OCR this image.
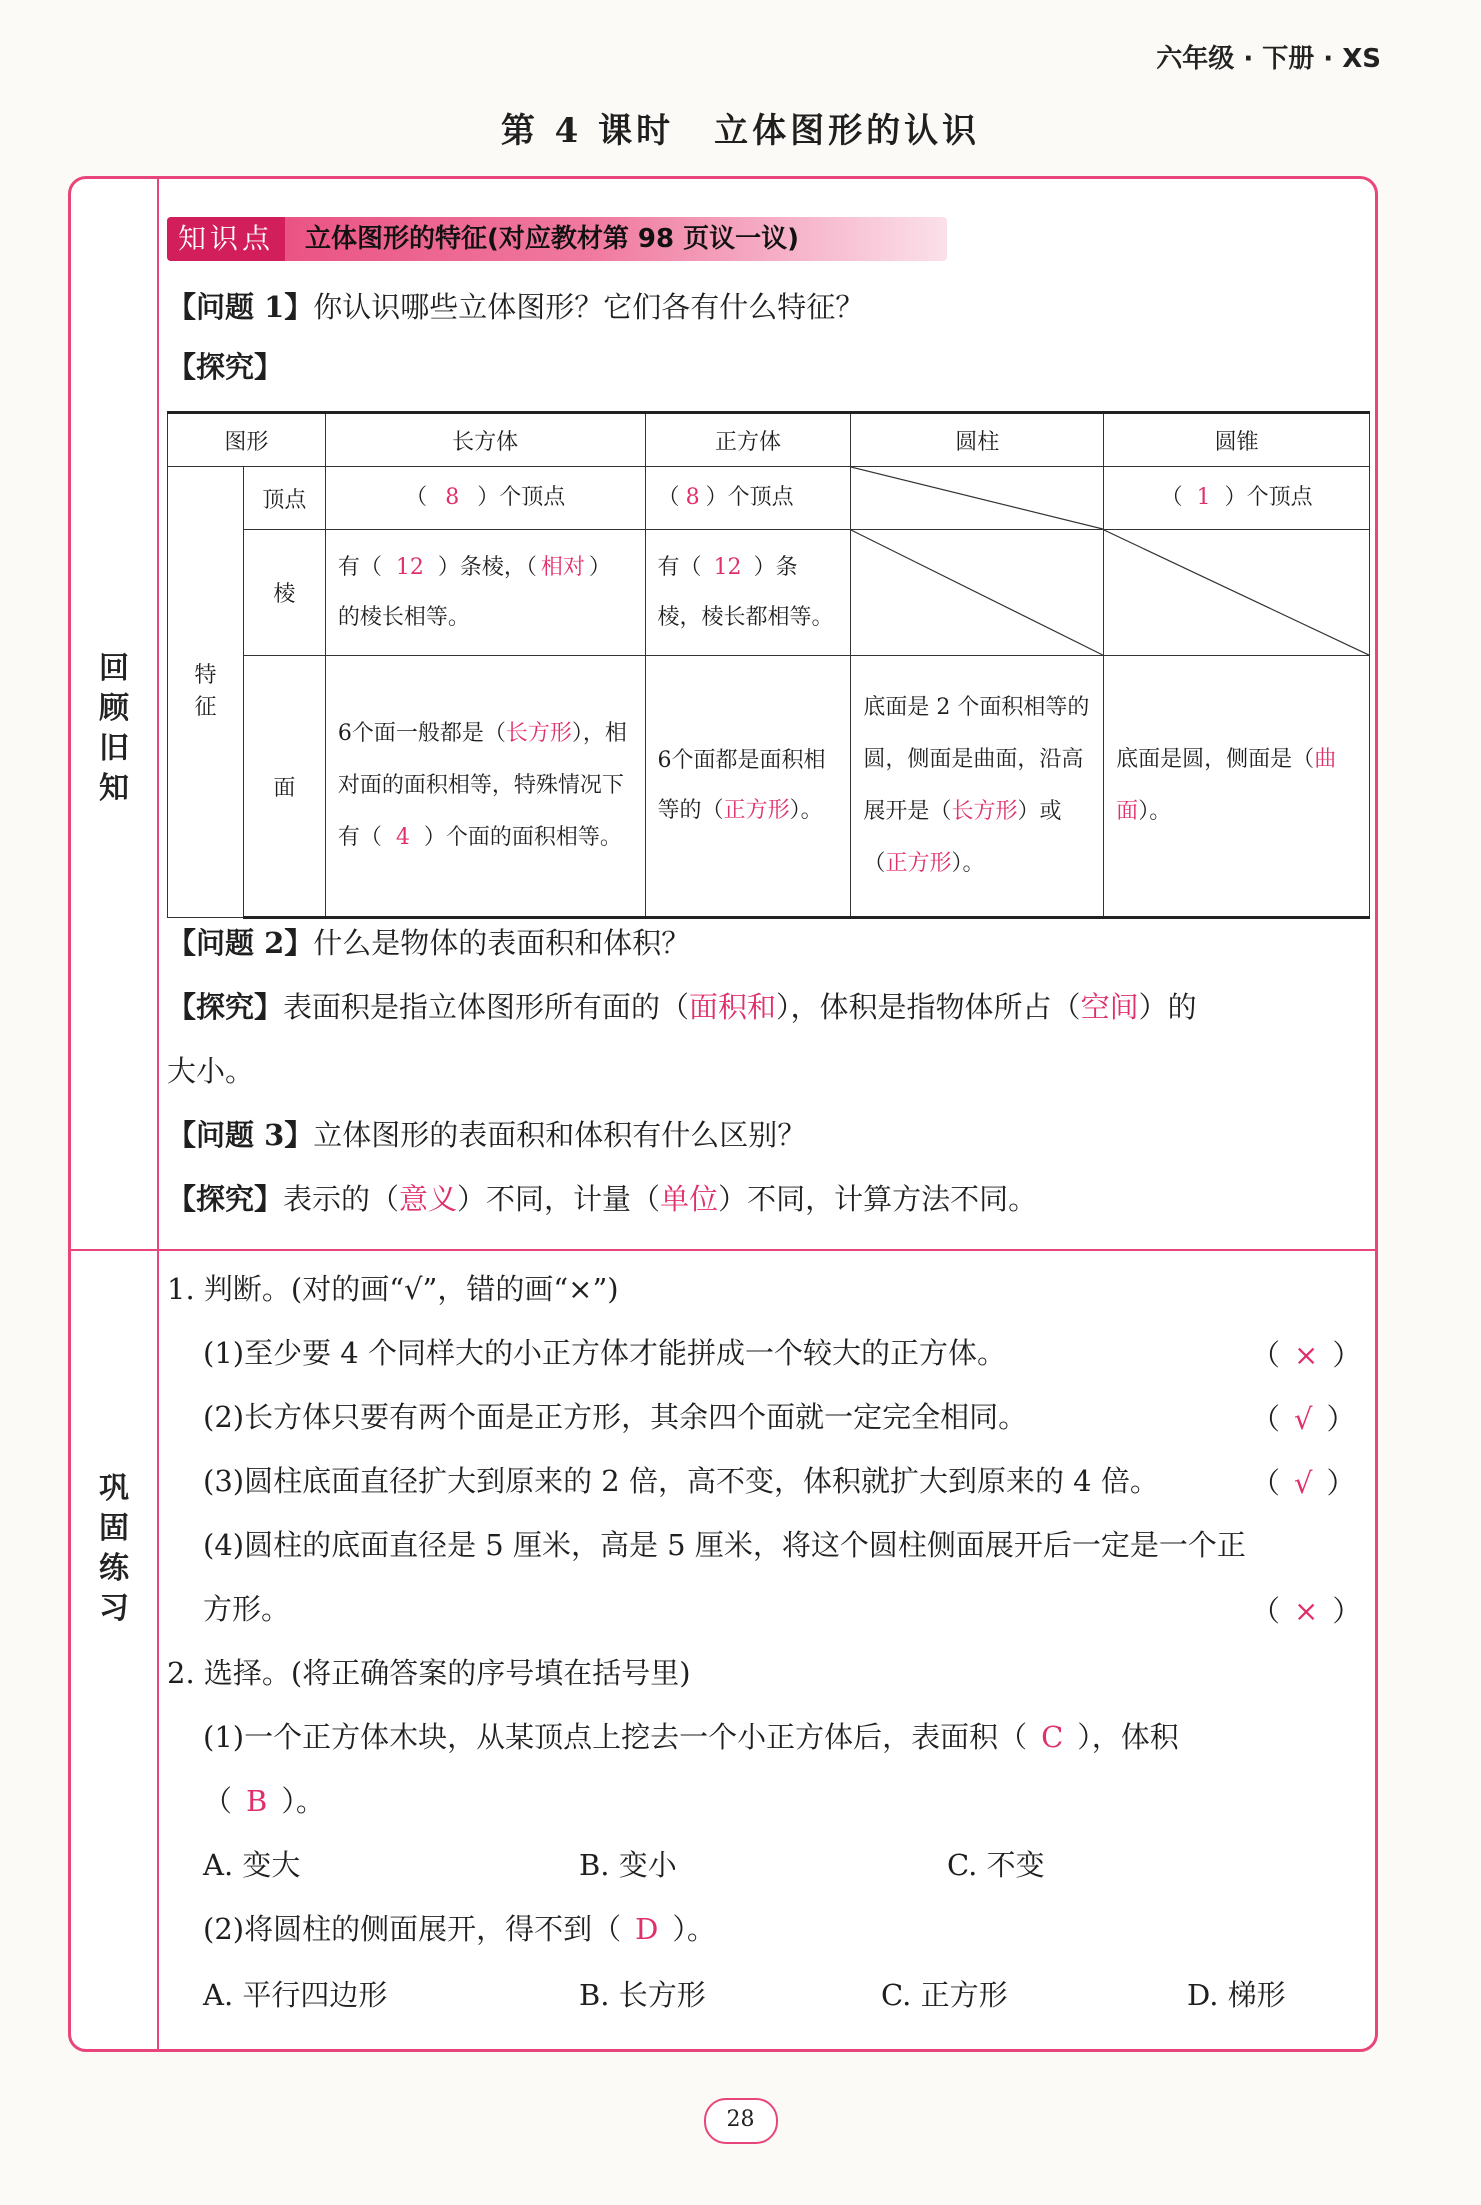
六年级 · 下册 · XS
第 4 课时 立体图形的认识
回顾旧知
巩固练习
知识点	立体图形的特征(对应教材第 98 页议一议)
【问题 1】你认识哪些立体图形？它们各有什么特征？
【探究】
图形		长方体	正方体	圆柱	圆锥

特征	顶点	（ 8 ）个顶点	（ 8 ）个顶点		（ 1 ）个顶点
	棱	有（ 12 ）条棱，（ 相对 ）的棱长相等。	有（ 12 ）条棱，棱长都相等。	

	面	6个面一般都是（长方形），相对面的面积相等，特殊情况下有（ 4 ）个面的面积相等。	6个面都是面积相等的（正方形）。	底面是 2 个面积相等的圆，侧面是曲面，沿高展开是（长方形）或（正方形）。	底面是圆，侧面是（曲面）。
【问题 2】什么是物体的表面积和体积？
【探究】表面积是指立体图形所有面的（面积和），体积是指物体所占（空间）的
大小。
【问题 3】立体图形的表面积和体积有什么区别？
【探究】表示的（意义）不同，计量（单位）不同，计算方法不同。
1. 判断。(对的画“√”，错的画“×”)
(1)至少要 4 个同样大的小正方体才能拼成一个较大的正方体。	（ × ）
(2)长方体只要有两个面是正方形，其余四个面就一定完全相同。	（ √ ）
(3)圆柱底面直径扩大到原来的 2 倍，高不变，体积就扩大到原来的 4 倍。	（ √ ）
(4)圆柱的底面直径是 5 厘米，高是 5 厘米，将这个圆柱侧面展开后一定是一个正
方形。	（ × ）
2. 选择。(将正确答案的序号填在括号里)
(1)一个正方体木块，从某顶点上挖去一个小正方体后，表面积（ C ），体积
（ B ）。
A. 变大	B. 变小	C. 不变
(2)将圆柱的侧面展开，得不到（ D ）。
A. 平行四边形	B. 长方形	C. 正方形	D. 梯形
28
